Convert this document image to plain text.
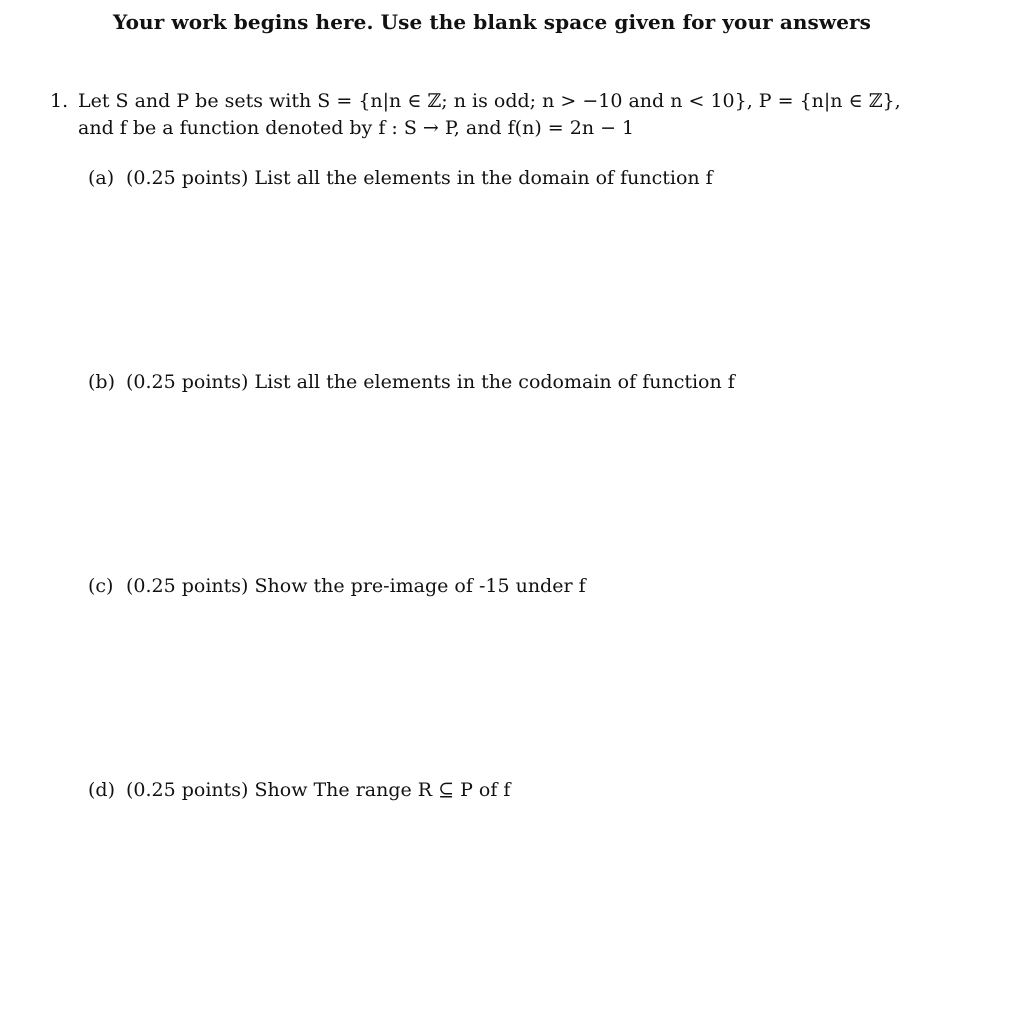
Your work begins here. Use the blank space given for your answers
1. Let S and P be sets with S = {n|n ∈ ℤ; n is odd; n > −10 and n < 10}, P = {n|n ∈ ℤ},
and f be a function denoted by f : S → P, and f(n) = 2n − 1
(a) (0.25 points) List all the elements in the domain of function f
(b) (0.25 points) List all the elements in the codomain of function f
(c) (0.25 points) Show the pre-image of -15 under f
(d) (0.25 points) Show The range R ⊆ P of f
